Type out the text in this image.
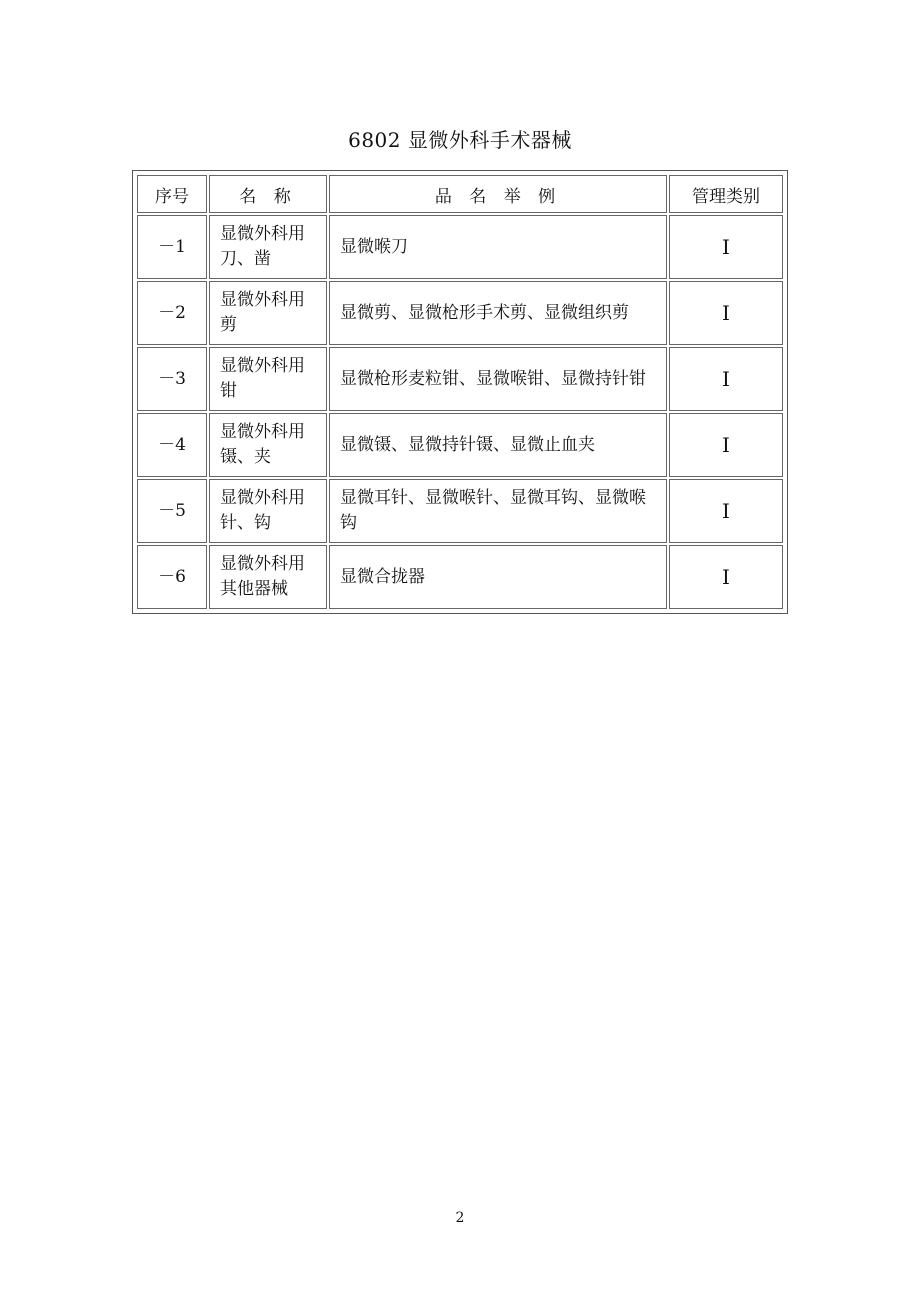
6802 显微外科手术器械
序号	名 称	品 名 举 例	管理类别
－1	显微外科用刀、凿	显微喉刀	I
－2	显微外科用剪	显微剪、显微枪形手术剪、显微组织剪	I
－3	显微外科用钳	显微枪形麦粒钳、显微喉钳、显微持针钳	I
－4	显微外科用镊、夹	显微镊、显微持针镊、显微止血夹	I
－5	显微外科用针、钩	显微耳针、显微喉针、显微耳钩、显微喉钩	I
－6	显微外科用其他器械	显微合拢器	I
2
